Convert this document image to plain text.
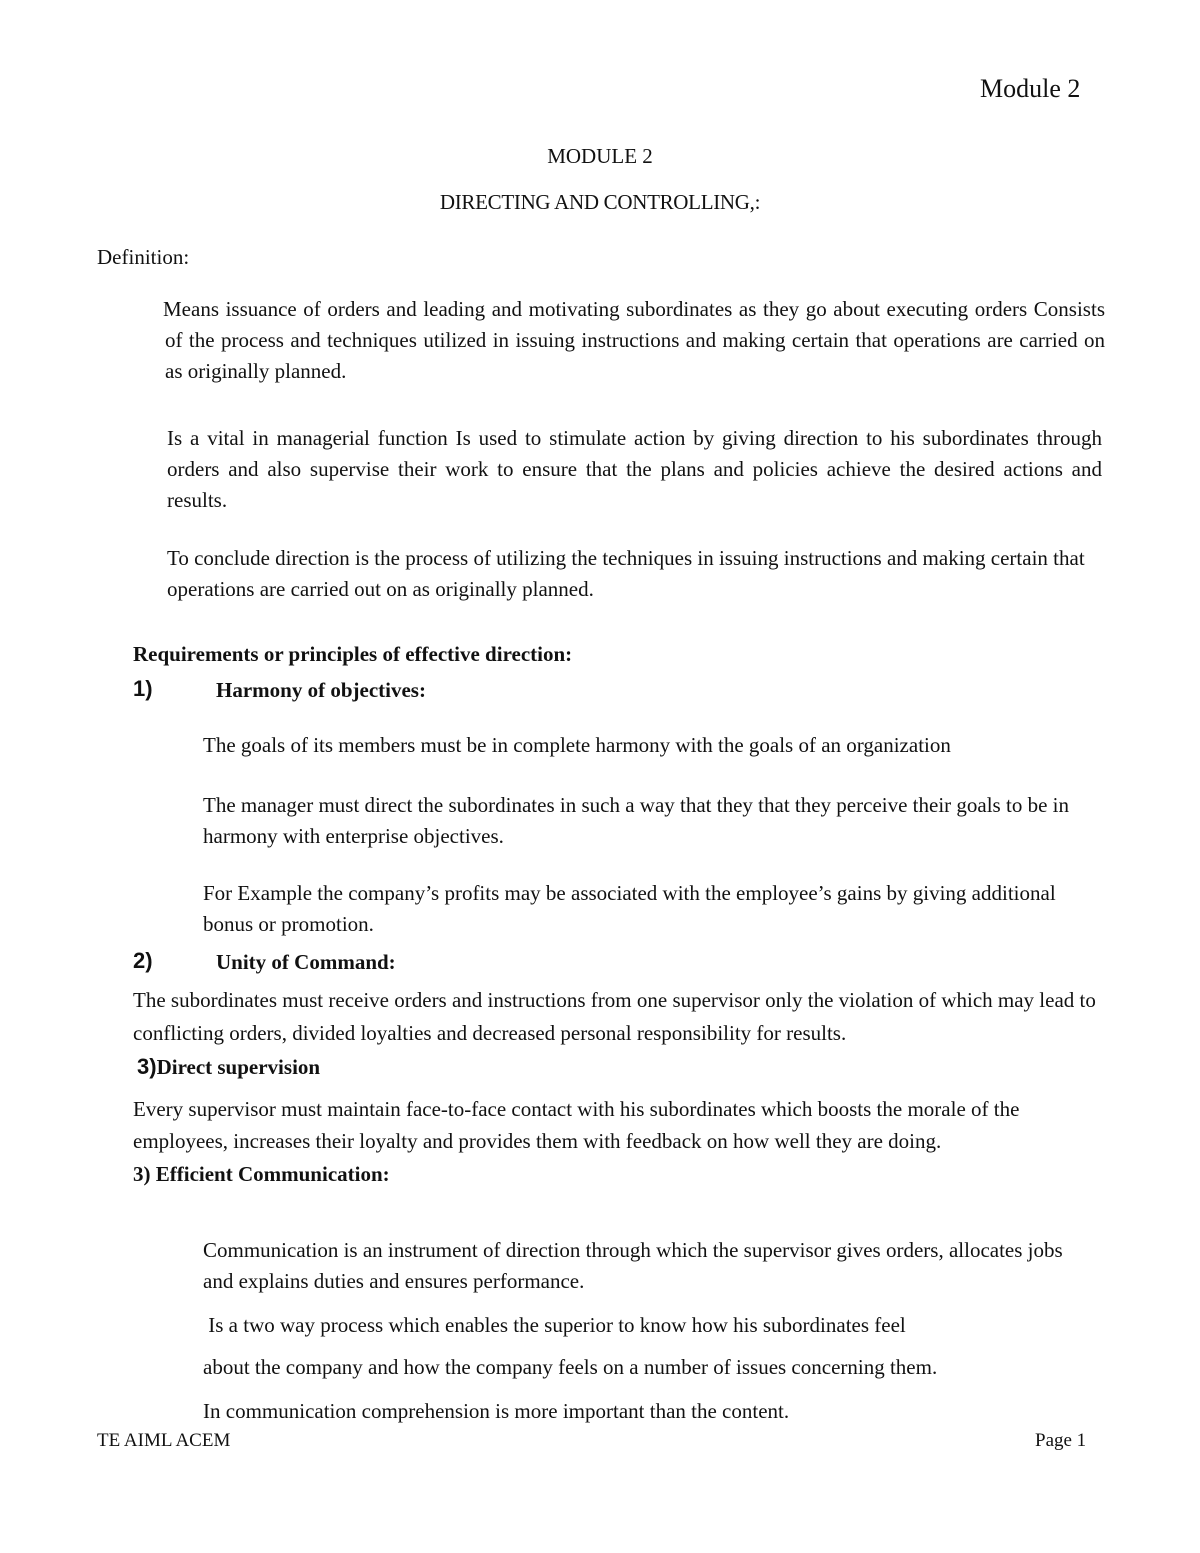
Module 2

MODULE 2

DIRECTING AND CONTROLLING,:

Definition:

Means issuance of orders and leading and motivating subordinates as they go about executing orders Consists of the process and techniques utilized in issuing instructions and making certain that operations are carried on as originally planned.

Is a vital in managerial function Is used to stimulate action by giving direction to his subordinates through orders and also supervise their work to ensure that the plans and policies achieve the desired actions and results.

To conclude direction is the process of utilizing the techniques in issuing instructions and making certain that operations are carried out on as originally planned.

Requirements or principles of effective direction:

1)	Harmony of objectives:

The goals of its members must be in complete harmony with the goals of an organization

The manager must direct the subordinates in such a way that they that they perceive their goals to be in harmony with enterprise objectives.

For Example the company’s profits may be associated with the employee’s gains by giving additional bonus or promotion.

2)	Unity of Command:

The subordinates must receive orders and instructions from one supervisor only the violation of which may lead to conflicting orders, divided loyalties and decreased personal responsibility for results.

3)Direct supervision

Every supervisor must maintain face-to-face contact with his subordinates which boosts the morale of the employees, increases their loyalty and provides them with feedback on how well they are doing.

3) Efficient Communication:

Communication is an instrument of direction through which the supervisor gives orders, allocates jobs and explains duties and ensures performance.

Is a two way process which enables the superior to know how his subordinates feel

about the company and how the company feels on a number of issues concerning them.

In communication comprehension is more important than the content.

TE AIML ACEM	Page 1
